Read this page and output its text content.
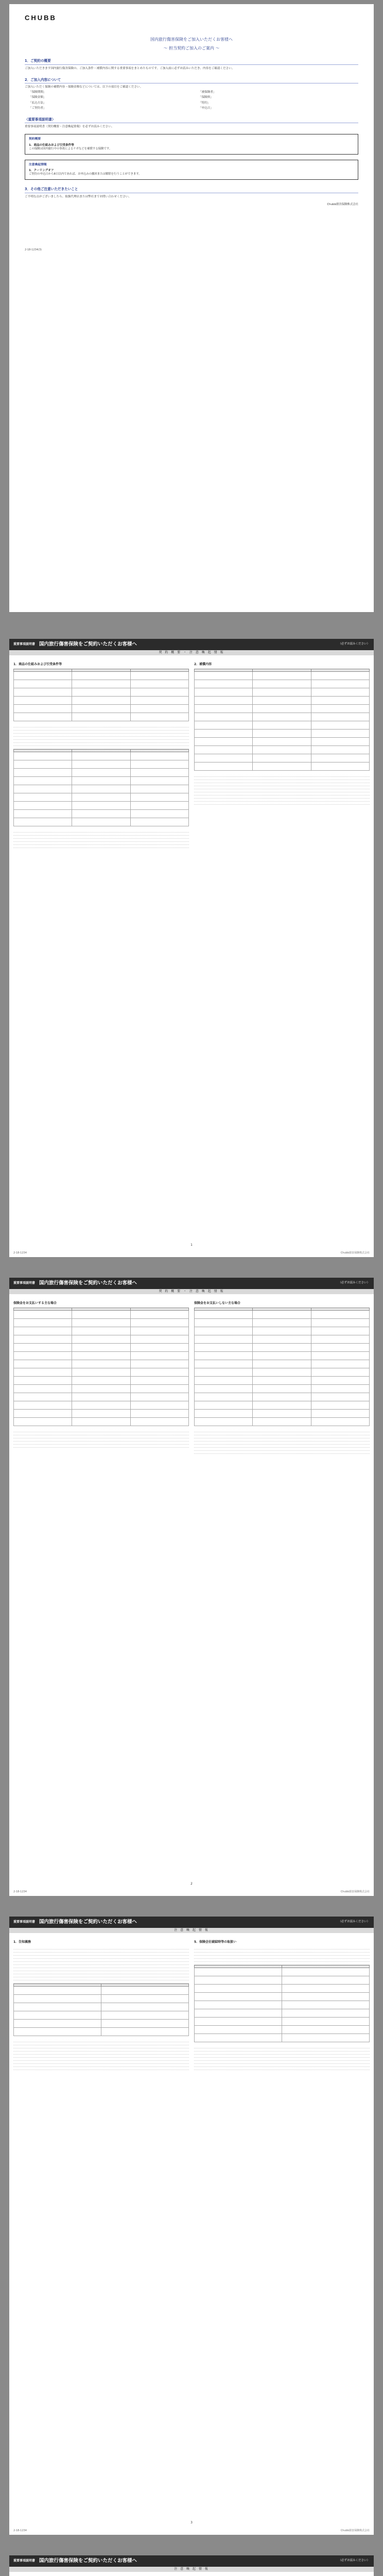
CHUBB
国内旅行傷害保険をご加入いただくお客様へ
～ 担当契約ご加入のご案内 ～
1．ご契約の概要

ご加入いただきます国内旅行傷害保険の、ご加入条件・補償内容に関する重要事項をまとめたものです。ご加入前に必ずお読みいただき、内容をご確認ください。

2．ご加入内容について

ご加入いただく保険の補償内容・保険金額などについては、以下の項目をご確認ください。

「保険期間」	「被保険者」
「保険金額」	「保険料」
「払込方法」	「特約」
「ご契約者」	「申込日」
〈重要事項説明書〉

重要事項説明書（契約概要・注意喚起情報）を必ずお読みください。

契約概要
1．商品の仕組みおよび引受条件等

この保険は国内旅行中の事故によるケガなどを補償する保険です。

注意喚起情報
1．クーリングオフ

ご契約の申込日から8日以内であれば、お申込みの撤回または解除を行うことができます。

3．その他ご注意いただきたいこと

ご不明な点がございましたら、取扱代理店または弊社までお問い合わせください。

Chubb損害保険株式会社
2-18-1234(3)
重要事項説明書 国内旅行傷害保険をご契約いただくお客様へ	（必ずお読みください）
契 約 概 要 ・ 注 意 喚 起 情 報
1．商品の仕組みおよび引受条件等

			2．補償内容

1
2-18-1234	Chubb損害保険株式会社
重要事項説明書 国内旅行傷害保険をご契約いただくお客様へ	（必ずお読みください）
契 約 概 要 ・ 注 意 喚 起 情 報
保険金をお支払いする主な場合

			保険金をお支払いしない主な場合

2
2-18-1234	Chubb損害保険株式会社
重要事項説明書 国内旅行傷害保険をご契約いただくお客様へ	（必ずお読みください）
注 意 喚 起 情 報
1．告知義務

		5．保険会社破綻時等の取扱い

3
2-18-1234	Chubb損害保険株式会社
重要事項説明書 国内旅行傷害保険をご契約いただくお客様へ	（必ずお読みください）
注 意 喚 起 情 報
